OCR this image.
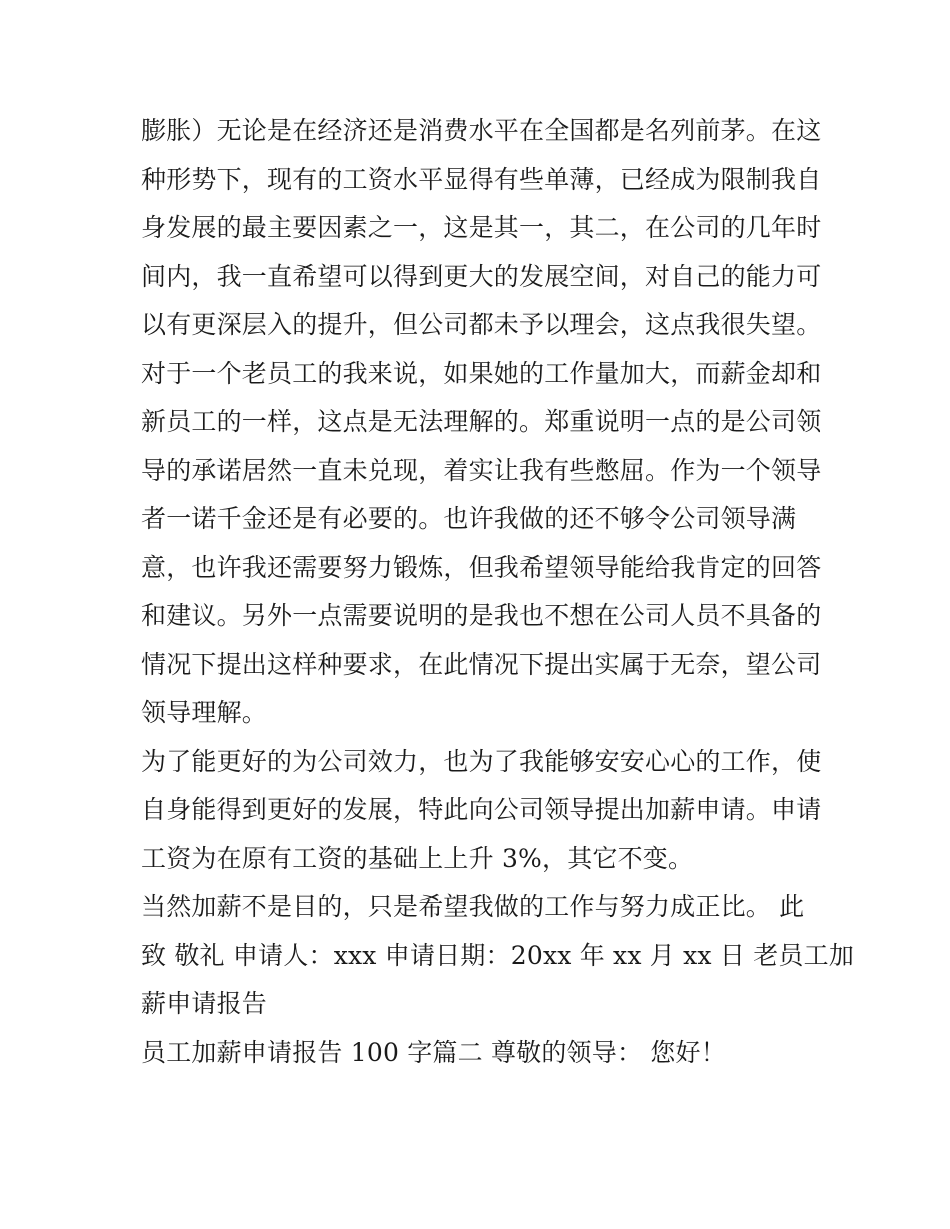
膨胀）无论是在经济还是消费水平在全国都是名列前茅。在这
种形势下，现有的工资水平显得有些单薄，已经成为限制我自
身发展的最主要因素之一，这是其一，其二，在公司的几年时
间内，我一直希望可以得到更大的发展空间，对自己的能力可
以有更深层入的提升，但公司都未予以理会，这点我很失望。
对于一个老员工的我来说，如果她的工作量加大，而薪金却和
新员工的一样，这点是无法理解的。郑重说明一点的是公司领
导的承诺居然一直未兑现，着实让我有些憋屈。作为一个领导
者一诺千金还是有必要的。也许我做的还不够令公司领导满
意，也许我还需要努力锻炼，但我希望领导能给我肯定的回答
和建议。另外一点需要说明的是我也不想在公司人员不具备的
情况下提出这样种要求，在此情况下提出实属于无奈，望公司
领导理解。
为了能更好的为公司效力，也为了我能够安安心心的工作，使
自身能得到更好的发展，特此向公司领导提出加薪申请。申请
工资为在原有工资的基础上上升 3%，其它不变。
当然加薪不是目的，只是希望我做的工作与努力成正比。 此
致 敬礼 申请人：xxx 申请日期：20xx 年 xx 月 xx 日 老员工加
薪申请报告
员工加薪申请报告 100 字篇二 尊敬的领导： 您好！
